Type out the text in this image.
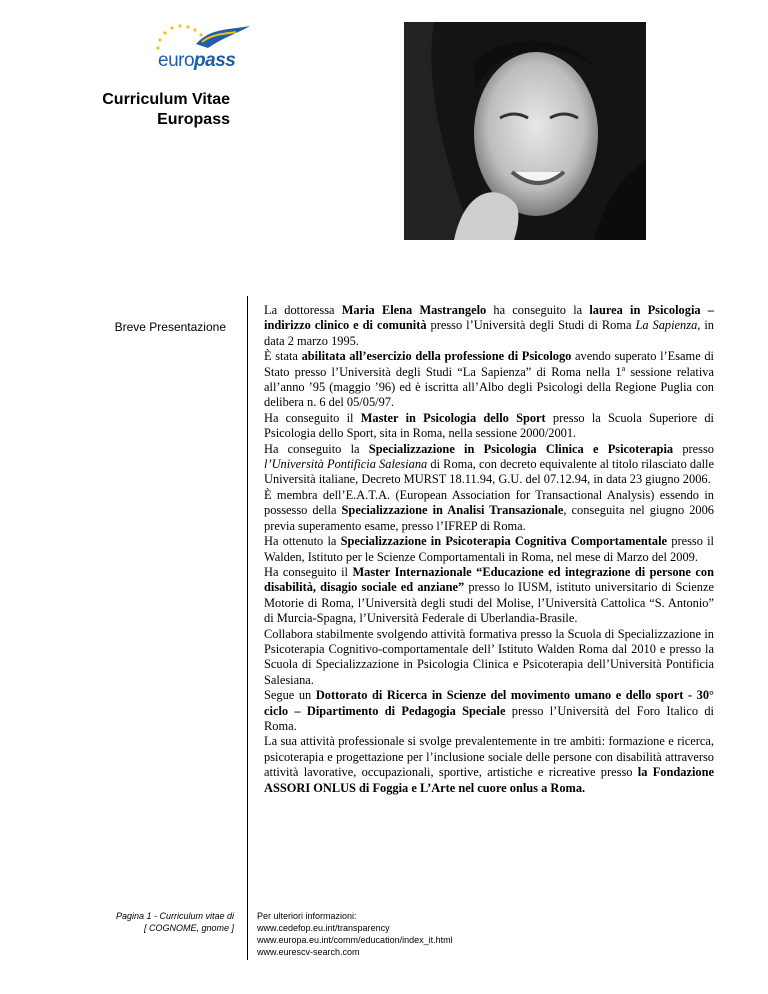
europass
Curriculum Vitae
Europass
Breve Presentazione

La dottoressa Maria Elena Mastrangelo ha conseguito la laurea in Psicologia – indirizzo clinico e di comunità presso l’Università degli Studi di Roma La Sapienza, in data 2 marzo 1995.

È stata abilitata all’esercizio della professione di Psicologo avendo superato l’Esame di Stato presso l’Università degli Studi “La Sapienza” di Roma nella 1$^a$ sessione relativa all’anno ’95 (maggio ’96) ed è iscritta all’Albo degli Psicologi della Regione Puglia con delibera n. 6 del 05/05/97.

Ha conseguito il Master in Psicologia dello Sport presso la Scuola Superiore di Psicologia dello Sport, sita in Roma, nella sessione 2000/2001.

Ha conseguito la Specializzazione in Psicologia Clinica e Psicoterapia presso l’Università Pontificia Salesiana di Roma, con decreto equivalente al titolo rilasciato dalle Università italiane, Decreto MURST 18.11.94, G.U. del 07.12.94, in data 23 giugno 2006.

È membra dell’E.A.T.A. (European Association for Transactional Analysis) essendo in possesso della Specializzazione in Analisi Transazionale, conseguita nel giugno 2006 previa superamento esame, presso l’IFREP di Roma.

Ha ottenuto la Specializzazione in Psicoterapia Cognitiva Comportamentale presso il Walden, Istituto per le Scienze Comportamentali in Roma, nel mese di Marzo del 2009.

Ha conseguito il Master Internazionale “Educazione ed integrazione di persone con disabilità, disagio sociale ed anziane” presso lo IUSM, istituto universitario di Scienze Motorie di Roma, l’Università degli studi del Molise, l’Università Cattolica “S. Antonio” di Murcia-Spagna, l’Università Federale di Uberlandia-Brasile.

Collabora stabilmente svolgendo attività formativa presso la Scuola di Specializzazione in Psicoterapia Cognitivo-comportamentale dell’ Istituto Walden Roma dal 2010 e presso la Scuola di Specializzazione in Psicologia Clinica e Psicoterapia dell’Università Pontificia Salesiana.

Segue un Dottorato di Ricerca in Scienze del movimento umano e dello sport - 30° ciclo – Dipartimento di Pedagogia Speciale presso l’Università del Foro Italico di Roma.

La sua attività professionale si svolge prevalentemente in tre ambiti: formazione e ricerca, psicoterapia e progettazione per l’inclusione sociale delle persone con disabilità attraverso attività lavorative, occupazionali, sportive, artistiche e ricreative presso la Fondazione ASSORI ONLUS di Foggia e L’Arte nel cuore onlus a Roma.

Pagina 1 - Curriculum vitae di
[ COGNOME, gnome ]
Per ulteriori informazioni:
www.cedefop.eu.int/transparency
www.europa.eu.int/comm/education/index_it.html
www.eurescv-search.com
